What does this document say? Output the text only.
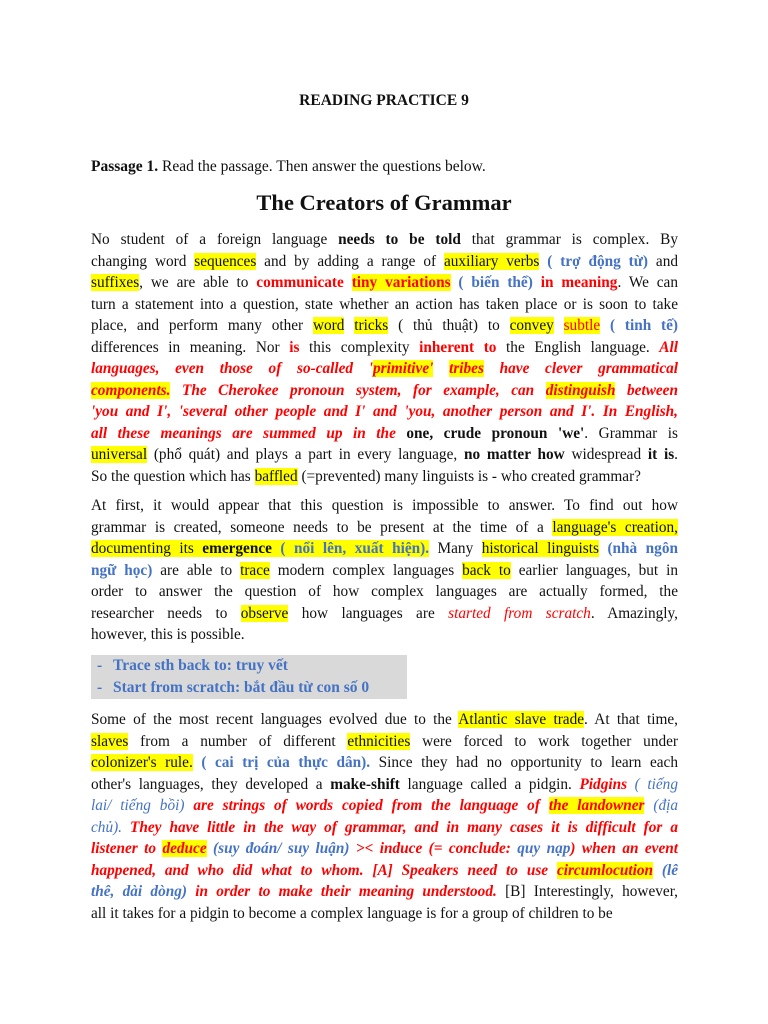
READING PRACTICE 9
Passage 1. Read the passage. Then answer the questions below.
The Creators of Grammar
No student of a foreign language needs to be told that grammar is complex. By
changing word sequences and by adding a range of auxiliary verbs ( trợ động từ) and
suffixes, we are able to communicate tiny variations ( biến thể) in meaning. We can
turn a statement into a question, state whether an action has taken place or is soon to take
place, and perform many other word tricks ( thủ thuật) to convey subtle ( tinh tế)
differences in meaning. Nor is this complexity inherent to the English language. All
languages, even those of so-called 'primitive' tribes have clever grammatical
components. The Cherokee pronoun system, for example, can distinguish between
'you and I', 'several other people and I' and 'you, another person and I'. In English,
all these meanings are summed up in the one, crude pronoun 'we'. Grammar is
universal (phổ quát) and plays a part in every language, no matter how widespread it is.
So the question which has baffled (=prevented) many linguists is - who created grammar?
At first, it would appear that this question is impossible to answer. To find out how
grammar is created, someone needs to be present at the time of a language's creation,
documenting its emergence ( nổi lên, xuất hiện). Many historical linguists (nhà ngôn
ngữ học) are able to trace modern complex languages back to earlier languages, but in
order to answer the question of how complex languages are actually formed, the
researcher needs to observe how languages are started from scratch. Amazingly,
however, this is possible.
- Trace sth back to: truy vết
- Start from scratch: bắt đầu từ con số 0
Some of the most recent languages evolved due to the Atlantic slave trade. At that time,
slaves from a number of different ethnicities were forced to work together under
colonizer's rule. ( cai trị của thực dân). Since they had no opportunity to learn each
other's languages, they developed a make-shift language called a pidgin. Pidgins ( tiếng
lai/ tiếng bồi) are strings of words copied from the language of the landowner (địa
chủ). They have little in the way of grammar, and in many cases it is difficult for a
listener to deduce (suy đoán/ suy luận) >< induce (= conclude: quy nạp) when an event
happened, and who did what to whom. [A] Speakers need to use circumlocution (lê
thê, dài dòng) in order to make their meaning understood. [B] Interestingly, however,
all it takes for a pidgin to become a complex language is for a group of children to be
